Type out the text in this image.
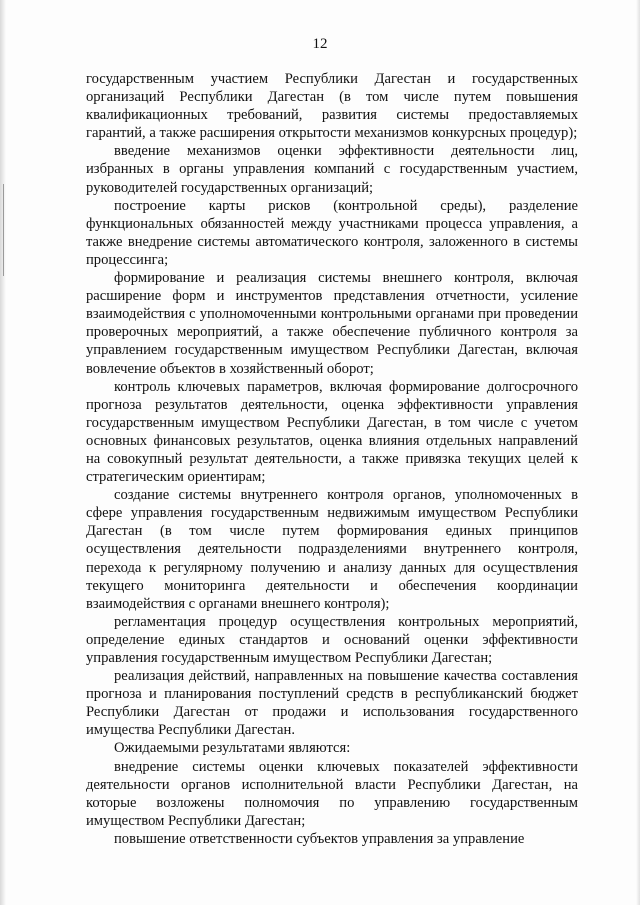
12

государственным участием Республики Дагестан и государственных организаций Республики Дагестан (в том числе путем повышения квалификационных требований, развития системы предоставляемых гарантий, а также расширения открытости механизмов конкурсных процедур);

введение механизмов оценки эффективности деятельности лиц, избранных в органы управления компаний с государственным участием, руководителей государственных организаций;

построение карты рисков (контрольной среды), разделение функциональных обязанностей между участниками процесса управления, а также внедрение системы автоматического контроля, заложенного в системы процессинга;

формирование и реализация системы внешнего контроля, включая расширение форм и инструментов представления отчетности, усиление взаимодействия с уполномоченными контрольными органами при проведении проверочных мероприятий, а также обеспечение публичного контроля за управлением государственным имуществом Республики Дагестан, включая вовлечение объектов в хозяйственный оборот;

контроль ключевых параметров, включая формирование долгосрочного прогноза результатов деятельности, оценка эффективности управления государственным имуществом Республики Дагестан, в том числе с учетом основных финансовых результатов, оценка влияния отдельных направлений на совокупный результат деятельности, а также привязка текущих целей к стратегическим ориентирам;

создание системы внутреннего контроля органов, уполномоченных в сфере управления государственным недвижимым имуществом Республики Дагестан (в том числе путем формирования единых принципов осуществления деятельности подразделениями внутреннего контроля, перехода к регулярному получению и анализу данных для осуществления текущего мониторинга деятельности и обеспечения координации взаимодействия с органами внешнего контроля);

регламентация процедур осуществления контрольных мероприятий, определение единых стандартов и оснований оценки эффективности управления государственным имуществом Республики Дагестан;

реализация действий, направленных на повышение качества составления прогноза и планирования поступлений средств в республиканский бюджет Республики Дагестан от продажи и использования государственного имущества Республики Дагестан.

Ожидаемыми результатами являются:

внедрение системы оценки ключевых показателей эффективности деятельности органов исполнительной власти Республики Дагестан, на которые возложены полномочия по управлению государственным имуществом Республики Дагестан;

повышение ответственности субъектов управления за управление
